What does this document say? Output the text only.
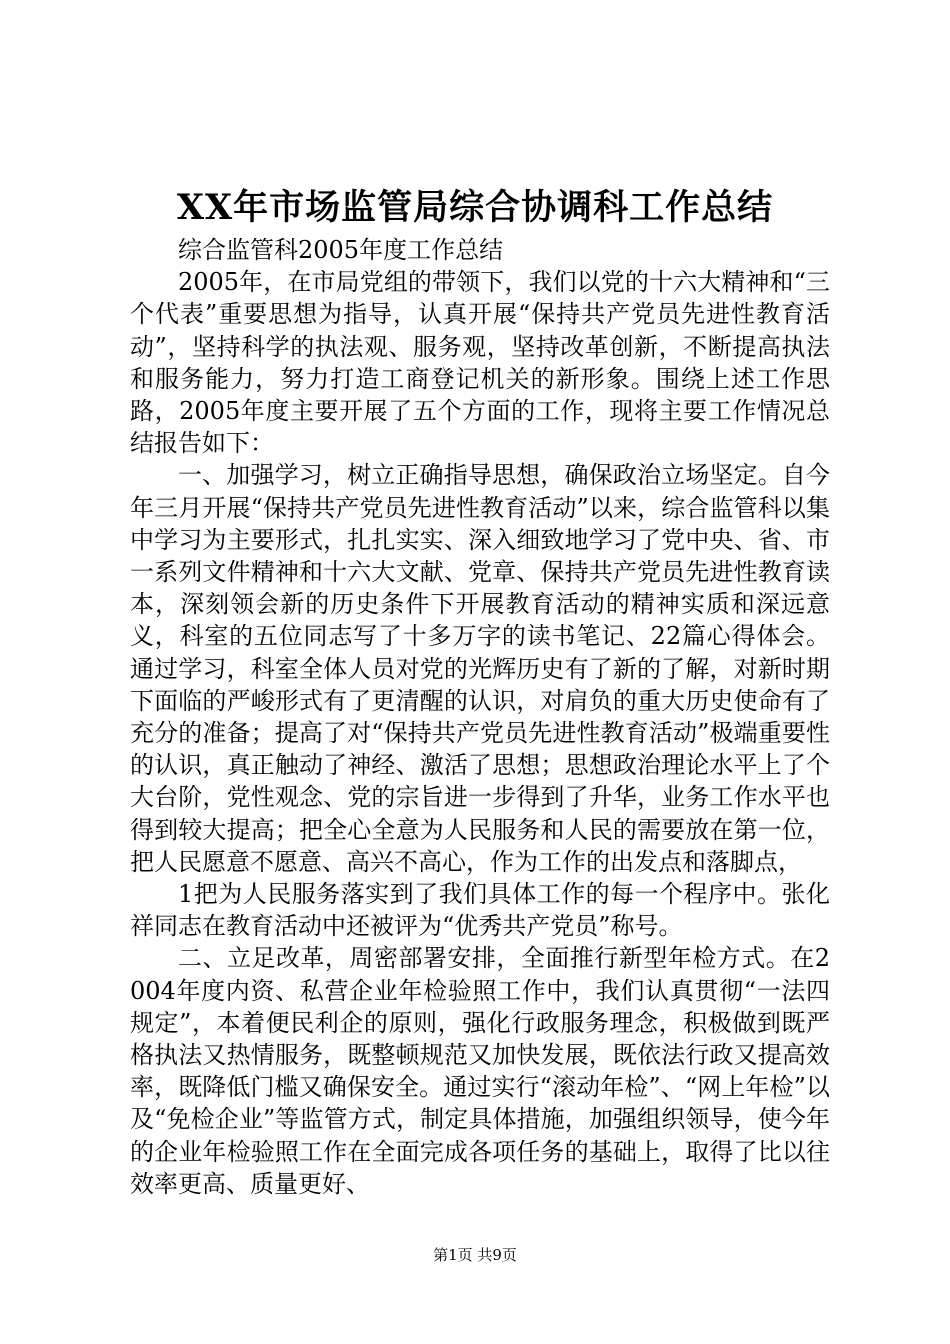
XX年市场监管局综合协调科工作总结

综合监管科2005年度工作总结

2005年，在市局党组的带领下，我们以党的十六大精神和“三个代表”重要思想为指导，认真开展“保持共产党员先进性教育活动”，坚持科学的执法观、服务观，坚持改革创新，不断提高执法和服务能力，努力打造工商登记机关的新形象。围绕上述工作思路，2005年度主要开展了五个方面的工作，现将主要工作情况总结报告如下：

一、加强学习，树立正确指导思想，确保政治立场坚定。自今年三月开展“保持共产党员先进性教育活动”以来，综合监管科以集中学习为主要形式，扎扎实实、深入细致地学习了党中央、省、市一系列文件精神和十六大文献、党章、保持共产党员先进性教育读本，深刻领会新的历史条件下开展教育活动的精神实质和深远意义，科室的五位同志写了十多万字的读书笔记、22篇心得体会。通过学习，科室全体人员对党的光辉历史有了新的了解，对新时期下面临的严峻形式有了更清醒的认识，对肩负的重大历史使命有了充分的准备；提高了对“保持共产党员先进性教育活动”极端重要性的认识，真正触动了神经、激活了思想；思想政治理论水平上了个大台阶，党性观念、党的宗旨进一步得到了升华，业务工作水平也得到较大提高；把全心全意为人民服务和人民的需要放在第一位，把人民愿意不愿意、高兴不高心，作为工作的出发点和落脚点，

1把为人民服务落实到了我们具体工作的每一个程序中。张化祥同志在教育活动中还被评为“优秀共产党员”称号。

二、立足改革，周密部署安排，全面推行新型年检方式。在2004年度内资、私营企业年检验照工作中，我们认真贯彻“一法四规定”，本着便民利企的原则，强化行政服务理念，积极做到既严格执法又热情服务，既整顿规范又加快发展，既依法行政又提高效率，既降低门槛又确保安全。通过实行“滚动年检”、“网上年检”以及“免检企业”等监管方式，制定具体措施，加强组织领导，使今年的企业年检验照工作在全面完成各项任务的基础上，取得了比以往效率更高、质量更好、

第1页 共9页
